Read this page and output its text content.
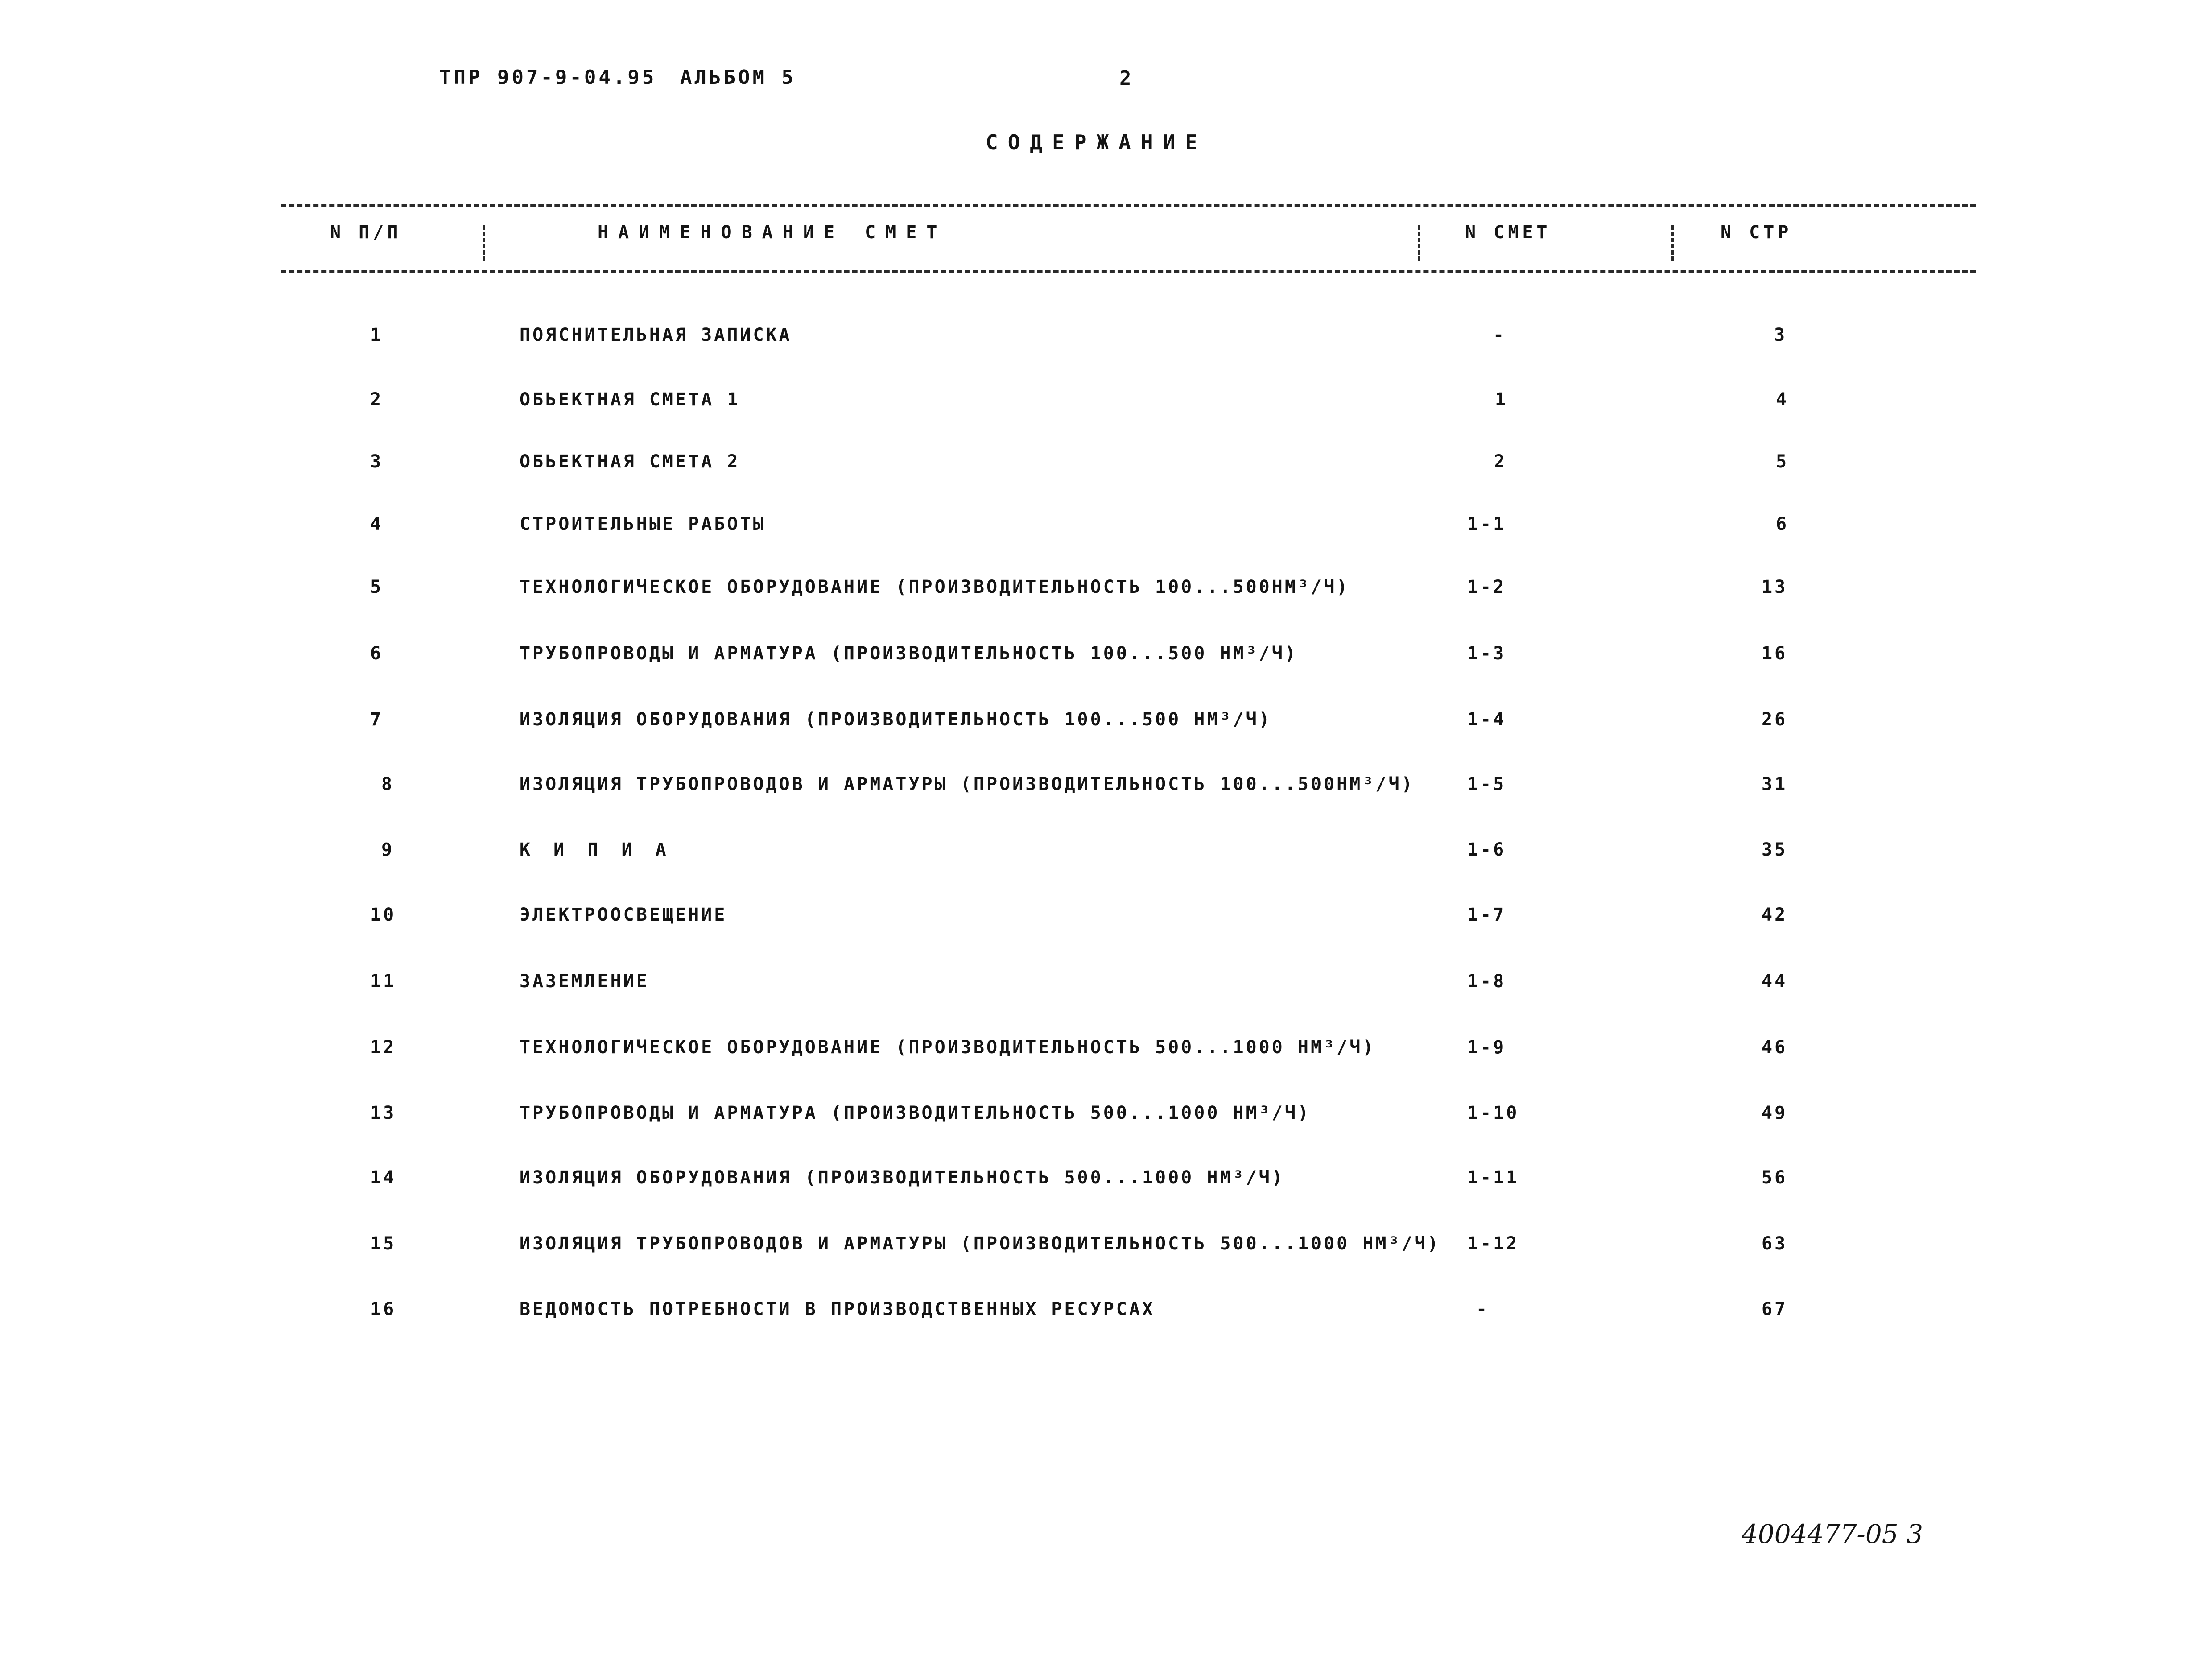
ТПР 907-9-04.95 АЛЬБОМ 5	2
СОДЕРЖАНИЕ
N П/П	НАИМЕНОВАНИЕ СМЕТ	N СМЕТ	N СТР
1	ПОЯСНИТЕЛЬНАЯ ЗАПИСКА	-	3
2	ОБЬЕКТНАЯ СМЕТА 1	1	4
3	ОБЬЕКТНАЯ СМЕТА 2	2	5
4	СТРОИТЕЛЬНЫЕ РАБОТЫ	1-1	6
5	ТЕХНОЛОГИЧЕСКОЕ ОБОРУДОВАНИЕ (ПРОИЗВОДИТЕЛЬНОСТЬ 100...500НМ³/Ч)	1-2	13
6	ТРУБОПРОВОДЫ И АРМАТУРА (ПРОИЗВОДИТЕЛЬНОСТЬ 100...500 НМ³/Ч)	1-3	16
7	ИЗОЛЯЦИЯ ОБОРУДОВАНИЯ (ПРОИЗВОДИТЕЛЬНОСТЬ 100...500 НМ³/Ч)	1-4	26
8	ИЗОЛЯЦИЯ ТРУБОПРОВОДОВ И АРМАТУРЫ (ПРОИЗВОДИТЕЛЬНОСТЬ 100...500НМ³/Ч)	1-5	31
9	К И П И А	1-6	35
10	ЭЛЕКТРООСВЕЩЕНИЕ	1-7	42
11	ЗАЗЕМЛЕНИЕ	1-8	44
12	ТЕХНОЛОГИЧЕСКОЕ ОБОРУДОВАНИЕ (ПРОИЗВОДИТЕЛЬНОСТЬ 500...1000 НМ³/Ч)	1-9	46
13	ТРУБОПРОВОДЫ И АРМАТУРА (ПРОИЗВОДИТЕЛЬНОСТЬ 500...1000 НМ³/Ч)	1-10	49
14	ИЗОЛЯЦИЯ ОБОРУДОВАНИЯ (ПРОИЗВОДИТЕЛЬНОСТЬ 500...1000 НМ³/Ч)	1-11	56
15	ИЗОЛЯЦИЯ ТРУБОПРОВОДОВ И АРМАТУРЫ (ПРОИЗВОДИТЕЛЬНОСТЬ 500...1000 НМ³/Ч) 1-12	63
16	ВЕДОМОСТЬ ПОТРЕБНОСТИ В ПРОИЗВОДСТВЕННЫХ РЕСУРСАХ	-	67
4004477-05 3
